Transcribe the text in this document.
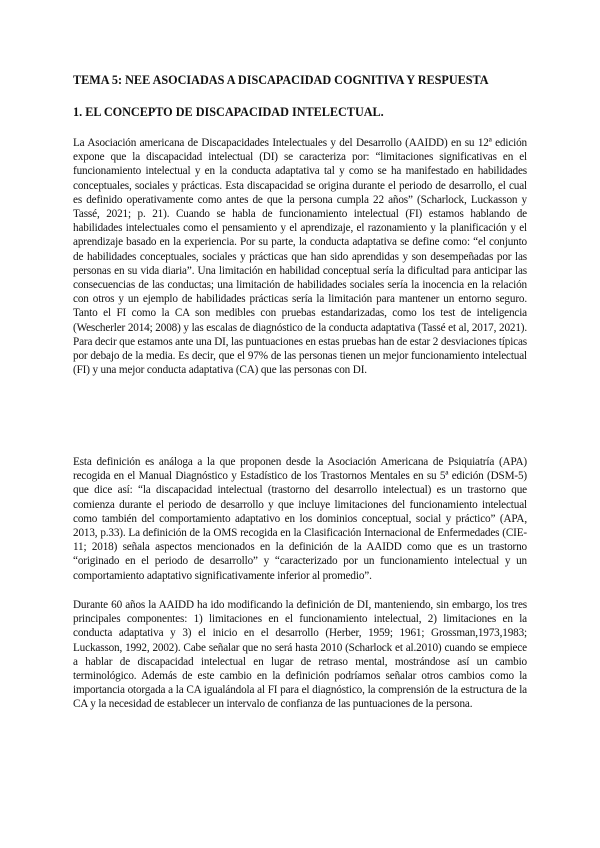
TEMA 5: NEE ASOCIADAS A DISCAPACIDAD COGNITIVA Y RESPUESTA
1. EL CONCEPTO DE DISCAPACIDAD INTELECTUAL.

La Asociación americana de Discapacidades Intelectuales y del Desarrollo (AAIDD) en su 12ª edición expone que la discapacidad intelectual (DI) se caracteriza por: “limitaciones significativas en el funcionamiento intelectual y en la conducta adaptativa tal y como se ha manifestado en habilidades conceptuales, sociales y prácticas. Esta discapacidad se origina durante el periodo de desarrollo, el cual es definido operativamente como antes de que la persona cumpla 22 años” (Scharlock, Luckasson y Tassé, 2021; p. 21). Cuando se habla de funcionamiento intelectual (FI) estamos hablando de habilidades intelectuales como el pensamiento y el aprendizaje, el razonamiento y la planificación y el aprendizaje basado en la experiencia. Por su parte, la conducta adaptativa se define como: “el conjunto de habilidades conceptuales, sociales y prácticas que han sido aprendidas y son desempeñadas por las personas en su vida diaria”. Una limitación en habilidad conceptual sería la dificultad para anticipar las consecuencias de las conductas; una limitación de habilidades sociales sería la inocencia en la relación con otros y un ejemplo de habilidades prácticas sería la limitación para mantener un entorno seguro. Tanto el FI como la CA son medibles con pruebas estandarizadas, como los test de inteligencia (Wescherler 2014; 2008) y las escalas de diagnóstico de la conducta adaptativa (Tassé et al, 2017, 2021). Para decir que estamos ante una DI, las puntuaciones en estas pruebas han de estar 2 desviaciones típicas por debajo de la media. Es decir, que el 97% de las personas tienen un mejor funcionamiento intelectual (FI) y una mejor conducta adaptativa (CA) que las personas con DI.

Esta definición es análoga a la que proponen desde la Asociación Americana de Psiquiatría (APA) recogida en el Manual Diagnóstico y Estadístico de los Trastornos Mentales en su 5ª edición (DSM-5) que dice así: “la discapacidad intelectual (trastorno del desarrollo intelectual) es un trastorno que comienza durante el periodo de desarrollo y que incluye limitaciones del funcionamiento intelectual como también del comportamiento adaptativo en los dominios conceptual, social y práctico” (APA, 2013, p.33). La definición de la OMS recogida en la Clasificación Internacional de Enfermedades (CIE-11; 2018) señala aspectos mencionados en la definición de la AAIDD como que es un trastorno “originado en el periodo de desarrollo” y “caracterizado por un funcionamiento intelectual y un comportamiento adaptativo significativamente inferior al promedio”.

Durante 60 años la AAIDD ha ido modificando la definición de DI, manteniendo, sin embargo, los tres principales componentes: 1) limitaciones en el funcionamiento intelectual, 2) limitaciones en la conducta adaptativa y 3) el inicio en el desarrollo (Herber, 1959; 1961; Grossman,1973,1983; Luckasson, 1992, 2002). Cabe señalar que no será hasta 2010 (Scharlock et al.2010) cuando se empiece a hablar de discapacidad intelectual en lugar de retraso mental, mostrándose así un cambio terminológico. Además de este cambio en la definición podríamos señalar otros cambios como la importancia otorgada a la CA igualándola al FI para el diagnóstico, la comprensión de la estructura de la CA y la necesidad de establecer un intervalo de confianza de las puntuaciones de la persona.
